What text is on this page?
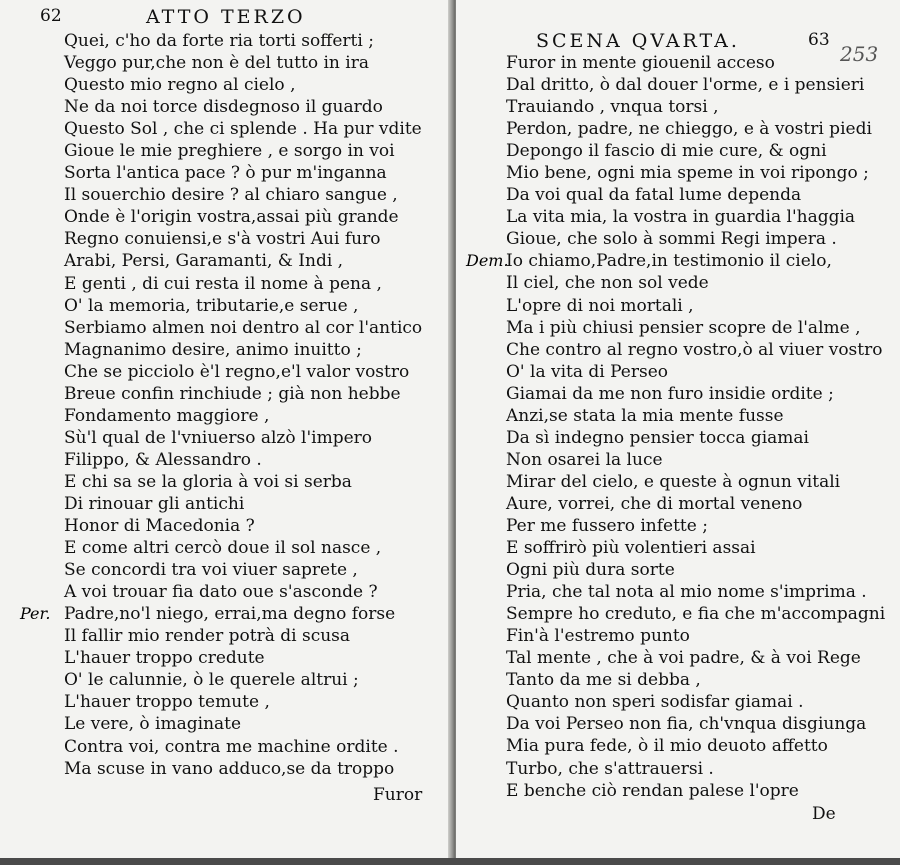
62	ATTO TERZO
Quei, c'ho da forte ria torti sofferti ;
Veggo pur,che non è del tutto in ira
Questo mio regno al cielo ,
Ne da noi torce disdegnoso il guardo
Questo Sol , che ci splende . Ha pur vdite
Gioue le mie preghiere , e sorgo in voi
Sorta l'antica pace ? ò pur m'inganna
Il souerchio desire ? al chiaro sangue ,
Onde è l'origin vostra,assai più grande
Regno conuiensi,e s'à vostri Aui furo
Arabi, Persi, Garamanti, & Indi ,
E genti , di cui resta il nome à pena ,
O' la memoria, tributarie,e serue ,
Serbiamo almen noi dentro al cor l'antico
Magnanimo desire, animo inuitto ;
Che se picciolo è'l regno,e'l valor vostro
Breue confin rinchiude ; già non hebbe
Fondamento maggiore ,
Sù'l qual de l'vniuerso alzò l'impero
Filippo, & Alessandro .
E chi sa se la gloria à voi si serba
Di rinouar gli antichi
Honor di Macedonia ?
E come altri cercò doue il sol nasce ,
Se concordi tra voi viuer saprete ,
A voi trouar fia dato oue s'asconde ?
Padre,no'l niego, errai,ma degno forse
Il fallir mio render potrà di scusa
L'hauer troppo credute
O' le calunnie, ò le querele altrui ;
L'hauer troppo temute ,
Le vere, ò imaginate
Contra voi, contra me machine ordite .
Ma scuse in vano adduco,se da troppo
Per.
Furor
SCENA QVARTA.	63
253
Furor in mente giouenil acceso
Dal dritto, ò dal douer l'orme, e i pensieri
Trauiando , vnqua torsi ,
Perdon, padre, ne chieggo, e à vostri piedi
Depongo il fascio di mie cure, & ogni
Mio bene, ogni mia speme in voi ripongo ;
Da voi qual da fatal lume dependa
La vita mia, la vostra in guardia l'haggia
Gioue, che solo à sommi Regi impera .
Io chiamo,Padre,in testimonio il cielo,
Il ciel, che non sol vede
L'opre di noi mortali ,
Ma i più chiusi pensier scopre de l'alme ,
Che contro al regno vostro,ò al viuer vostro
O' la vita di Perseo
Giamai da me non furo insidie ordite ;
Anzi,se stata la mia mente fusse
Da sì indegno pensier tocca giamai
Non osarei la luce
Mirar del cielo, e queste à ognun vitali
Aure, vorrei, che di mortal veneno
Per me fussero infette ;
E soffrirò più volentieri assai
Ogni più dura sorte
Pria, che tal nota al mio nome s'imprima .
Sempre ho creduto, e fia che m'accompagni
Fin'à l'estremo punto
Tal mente , che à voi padre, & à voi Rege
Tanto da me si debba ,
Quanto non speri sodisfar giamai .
Da voi Perseo non fia, ch'vnqua disgiunga
Mia pura fede, ò il mio deuoto affetto
Turbo, che s'attrauersi .
E benche ciò rendan palese l'opre
Dem.
De
